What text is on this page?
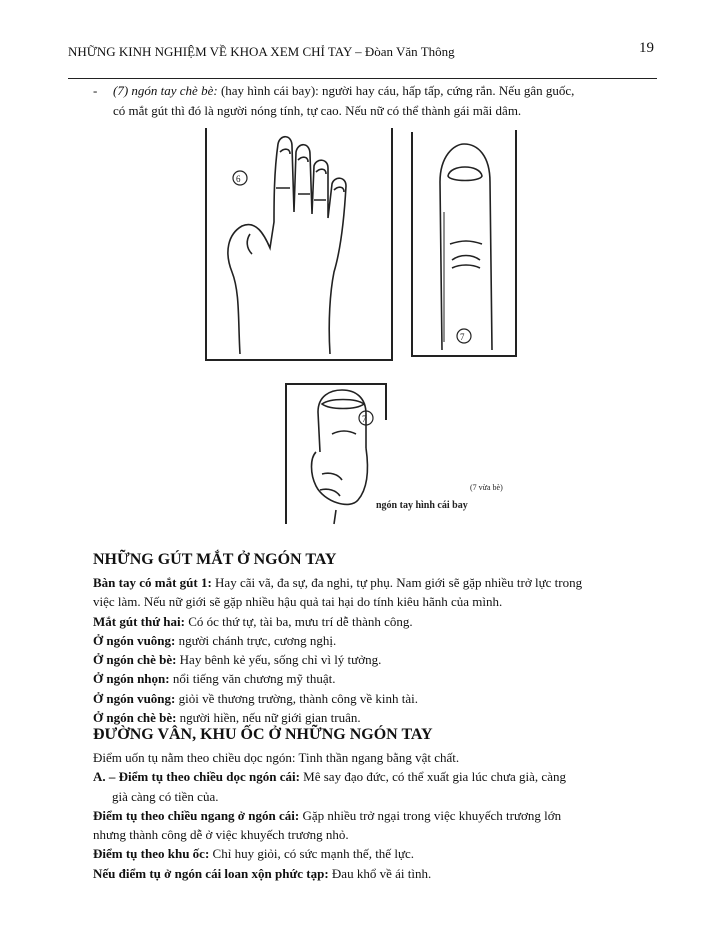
NHỮNG KINH NGHIỆM VỀ KHOA XEM CHỈ TAY – Đòan Văn Thông	19
-	(7) ngón tay chè bè: (hay hình cái bay): người hay cáu, hấp tấp, cứng rắn. Nếu gân guốc,
có mắt gút thì đó là người nóng tính, tự cao. Nếu nữ có thể thành gái mãi dâm.
6
7
7
(7 vừa bè)
ngón tay hình cái bay
NHỮNG GÚT MẮT Ở NGÓN TAY

Bàn tay có mắt gút 1: Hay cãi vã, đa sự, đa nghi, tự phụ. Nam giới sẽ gặp nhiều trở lực trong

việc làm. Nếu nữ giới sẽ gặp nhiều hậu quả tai hại do tính kiêu hãnh của mình.

Mắt gút thứ hai: Có óc thứ tự, tài ba, mưu trí dễ thành công.

Ở ngón vuông: người chánh trực, cương nghị.

Ở ngón chè bè: Hay bênh kẻ yếu, sống chỉ vì lý tưởng.

Ở ngón nhọn: nổi tiếng văn chương mỹ thuật.

Ở ngón vuông: giỏi về thương trường, thành công về kinh tài.

Ở ngón chè bè: người hiền, nếu nữ giới gian truân.

ĐƯỜNG VÂN, KHU ỐC Ở NHỮNG NGÓN TAY

Điểm uốn tụ nằm theo chiều dọc ngón: Tinh thần ngang bằng vật chất.

A. – Điểm tụ theo chiều dọc ngón cái: Mê say đạo đức, có thể xuất gia lúc chưa già, càng

già càng có tiền của.

Điểm tụ theo chiều ngang ở ngón cái: Gặp nhiều trở ngại trong việc khuyếch trương lớn

nhưng thành công dễ ở việc khuyếch trương nhỏ.

Điểm tụ theo khu ốc: Chỉ huy giỏi, có sức mạnh thế, thế lực.

Nếu điểm tụ ở ngón cái loan xộn phức tạp: Đau khổ về ái tình.
